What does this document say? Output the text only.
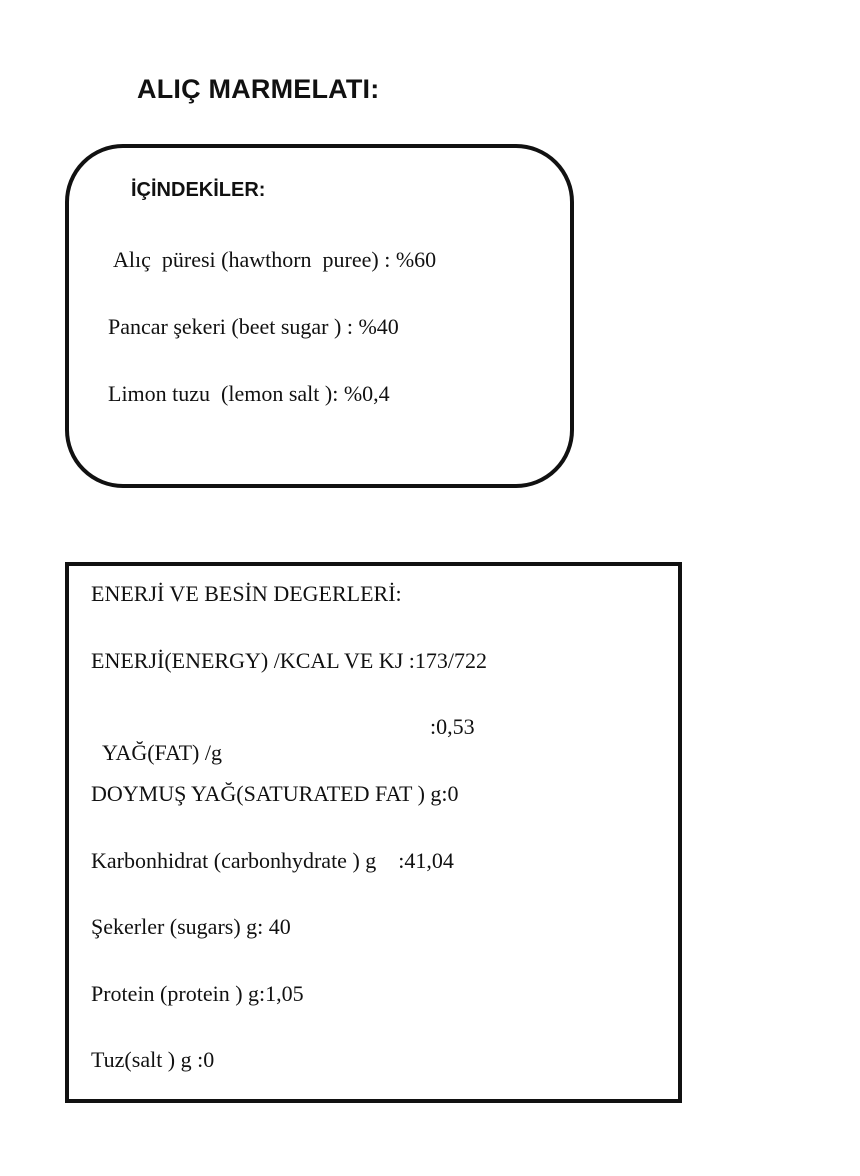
ALIÇ MARMELATI:
İÇİNDEKİLER:
Alıç  püresi (hawthorn  puree) : %60
Pancar şekeri (beet sugar ) : %40
Limon tuzu  (lemon salt ): %0,4
ENERJİ VE BESİN DEGERLERİ:
ENERJİ(ENERGY) /KCAL VE KJ :173/722

YAĞ(FAT) /g

:0,53

DOYMUŞ YAĞ(SATURATED FAT ) g:0
Karbonhidrat (carbonhydrate ) g    :41,04
Şekerler (sugars) g: 40
Protein (protein ) g:1,05
Tuz(salt ) g :0
